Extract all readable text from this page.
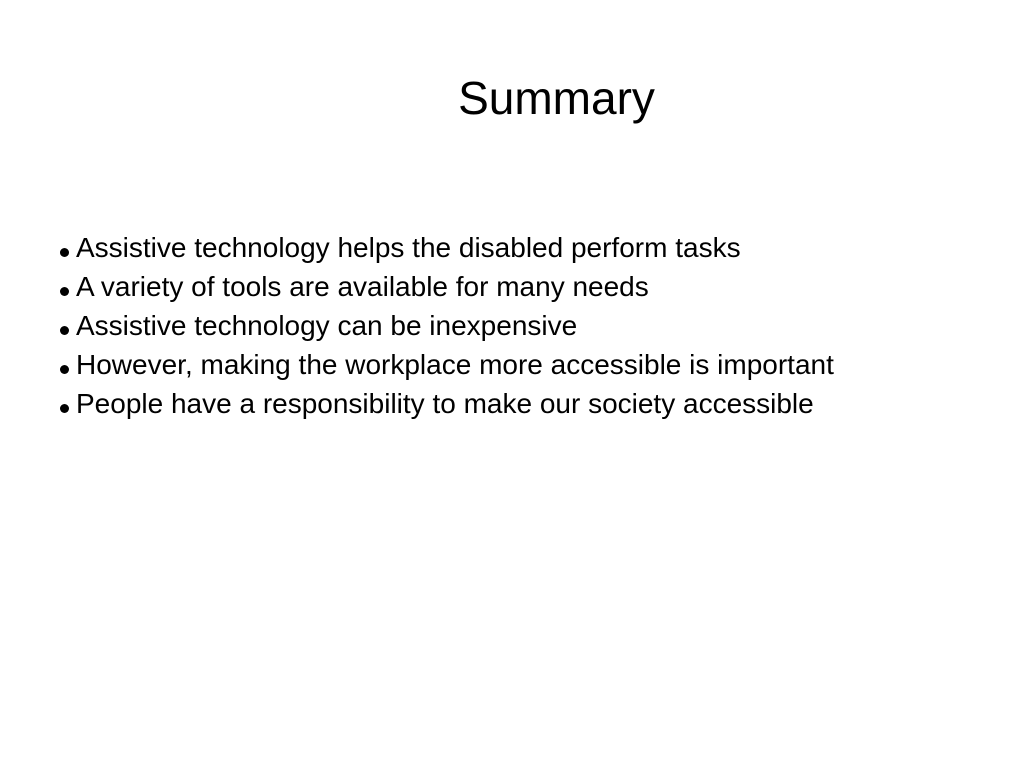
Summary
Assistive technology helps the disabled perform tasks
A variety of tools are available for many needs
Assistive technology can be inexpensive
However, making the workplace more accessible is important
People have a responsibility to make our society accessible
